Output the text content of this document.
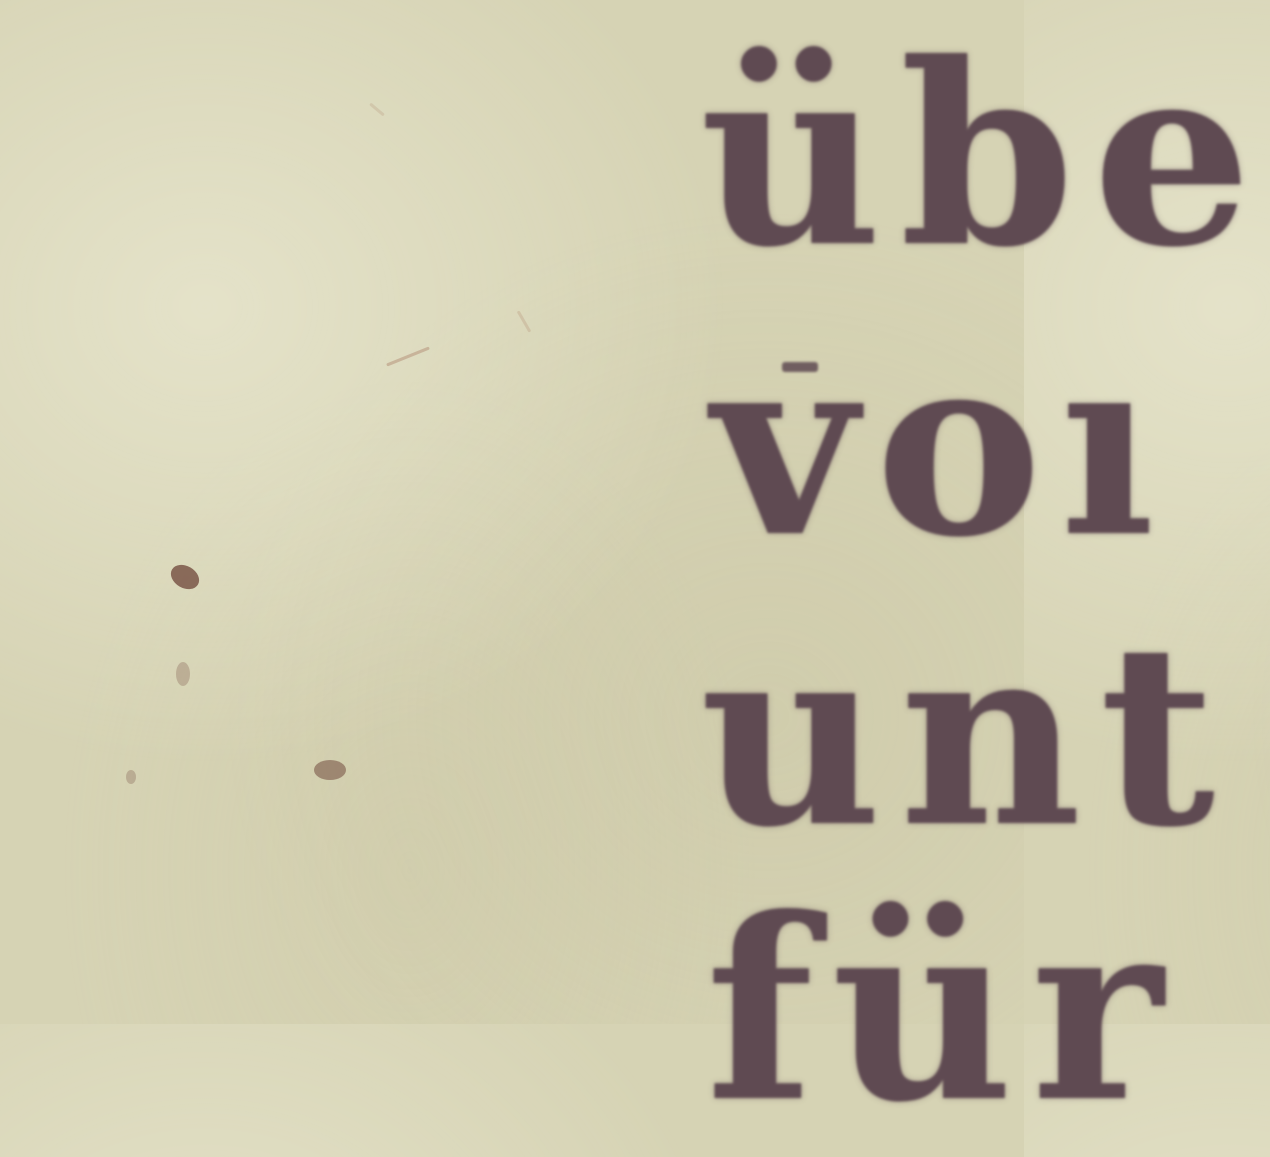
übe

voı

unt

für
